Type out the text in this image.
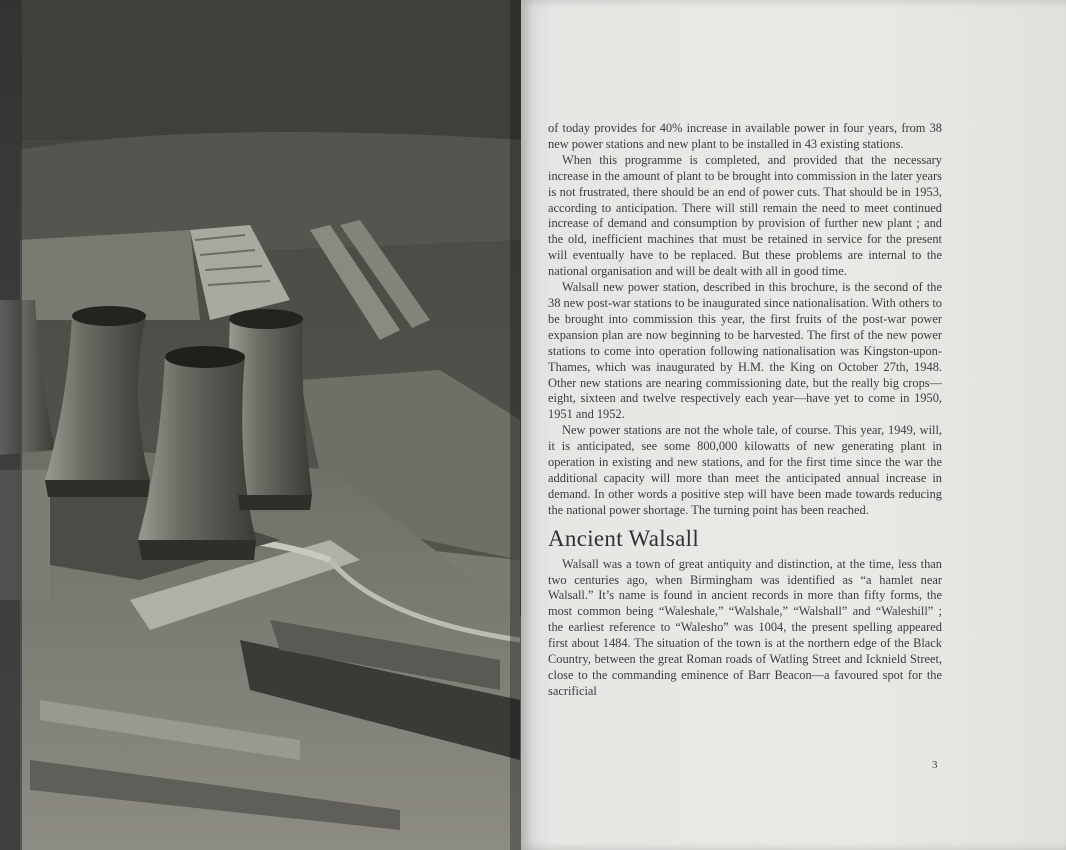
of today provides for 40% increase in available power in four years, from 38 new power stations and new plant to be installed in 43 existing stations.

When this programme is completed, and provided that the necessary increase in the amount of plant to be brought into commission in the later years is not frustrated, there should be an end of power cuts. That should be in 1953, according to anticipation. There will still remain the need to meet continued increase of demand and consumption by provision of further new plant ; and the old, inefficient machines that must be retained in service for the present will eventually have to be replaced. But these problems are internal to the national organisation and will be dealt with all in good time.

Walsall new power station, described in this brochure, is the second of the 38 new post-war stations to be inaugurated since nationalisation. With others to be brought into commission this year, the first fruits of the post-war power expansion plan are now beginning to be harvested. The first of the new power stations to come into operation following nationalisation was Kingston-upon-Thames, which was inaugurated by H.M. the King on October 27th, 1948. Other new stations are nearing commissioning date, but the really big crops—eight, sixteen and twelve respectively each year—have yet to come in 1950, 1951 and 1952.

New power stations are not the whole tale, of course. This year, 1949, will, it is anticipated, see some 800,000 kilowatts of new generating plant in operation in existing and new stations, and for the first time since the war the additional capacity will more than meet the anticipated annual increase in demand. In other words a positive step will have been made towards reducing the national power shortage. The turning point has been reached.

Ancient Walsall

Walsall was a town of great antiquity and distinction, at the time, less than two centuries ago, when Birmingham was identified as “a hamlet near Walsall.” It’s name is found in ancient records in more than fifty forms, the most common being “Waleshale,” “Walshale,” “Walshall” and “Waleshill” ; the earliest reference to “Walesho” was 1004, the present spelling appeared first about 1484. The situation of the town is at the northern edge of the Black Country, between the great Roman roads of Watling Street and Icknield Street, close to the commanding eminence of Barr Beacon—a favoured spot for the sacrificial

3
